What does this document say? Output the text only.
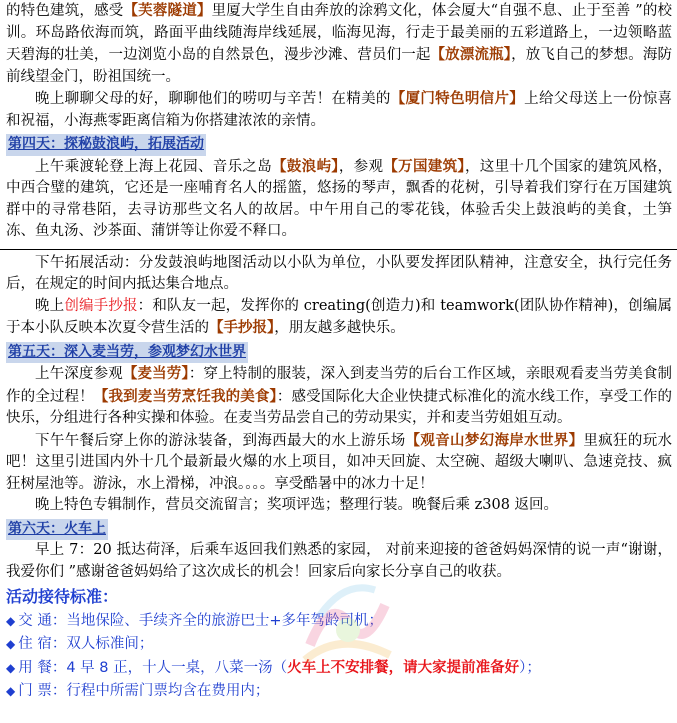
的特色建筑，感受【芙蓉隧道】里厦大学生自由奔放的涂鸦文化，体会厦大“自强不息、止于至善 ”的校训。环岛路依海而筑，路面平曲线随海岸线延展，临海见海，行走于最美丽的五彩道路上，一边领略蓝天碧海的壮美，一边浏览小岛的自然景色，漫步沙滩、营员们一起【放漂流瓶】，放飞自己的梦想。海防前线望金门，盼祖国统一。

晚上聊聊父母的好，聊聊他们的唠叨与辛苦！在精美的【厦门特色明信片】上给父母送上一份惊喜和祝福，小海燕零距离信箱为你搭建浓浓的亲情。

第四天：探秘鼓浪屿，拓展活动

上午乘渡轮登上海上花园、音乐之岛【鼓浪屿】，参观【万国建筑】，这里十几个国家的建筑风格，中西合璧的建筑，它还是一座哺育名人的摇篮，悠扬的琴声，飘香的花树，引导着我们穿行在万国建筑群中的寻常巷陌，去寻访那些文名人的故居。中午用自己的零花钱，体验舌尖上鼓浪屿的美食，土笋冻、鱼丸汤、沙茶面、蒲饼等让你爱不释口。

下午拓展活动：分发鼓浪屿地图活动以小队为单位，小队要发挥团队精神，注意安全，执行完任务后，在规定的时间内抵达集合地点。

晚上创编手抄报：和队友一起，发挥你的 creating(创造力)和 teamwork(团队协作精神)，创编属于本小队反映本次夏令营生活的【手抄报】，朋友越多越快乐。

第五天：深入麦当劳，参观梦幻水世界

上午深度参观【麦当劳】：穿上特制的服装，深入到麦当劳的后台工作区域，亲眼观看麦当劳美食制作的全过程！【我到麦当劳烹饪我的美食】：感受国际化大企业快捷式标准化的流水线工作，享受工作的快乐，分组进行各种实操和体验。在麦当劳品尝自己的劳动果实，并和麦当劳姐姐互动。

下午午餐后穿上你的游泳装备，到海西最大的水上游乐场【观音山梦幻海岸水世界】里疯狂的玩水吧！这里引进国内外十几个最新最火爆的水上项目，如冲天回旋、太空碗、超级大喇叭、急速竞技、疯狂树屋池等。游泳，水上滑梯，冲浪。。。。享受酷暑中的冰力十足！

晚上特色专辑制作，营员交流留言；奖项评选；整理行装。晚餐后乘 z308 返回。

第六天：火车上

早上 7：20 抵达荷泽，后乘车返回我们熟悉的家园， 对前来迎接的爸爸妈妈深情的说一声“谢谢，我爱你们 ”感谢爸爸妈妈给了这次成长的机会！回家后向家长分享自己的收获。

活动接待标准：
◆ 交 通：当地保险、手续齐全的旅游巴士+多年驾龄司机；
◆ 住 宿：双人标准间；
◆ 用 餐：4 早 8 正，十人一桌，八菜一汤（火车上不安排餐，请大家提前准备好）；
◆ 门 票：行程中所需门票均含在费用内；
